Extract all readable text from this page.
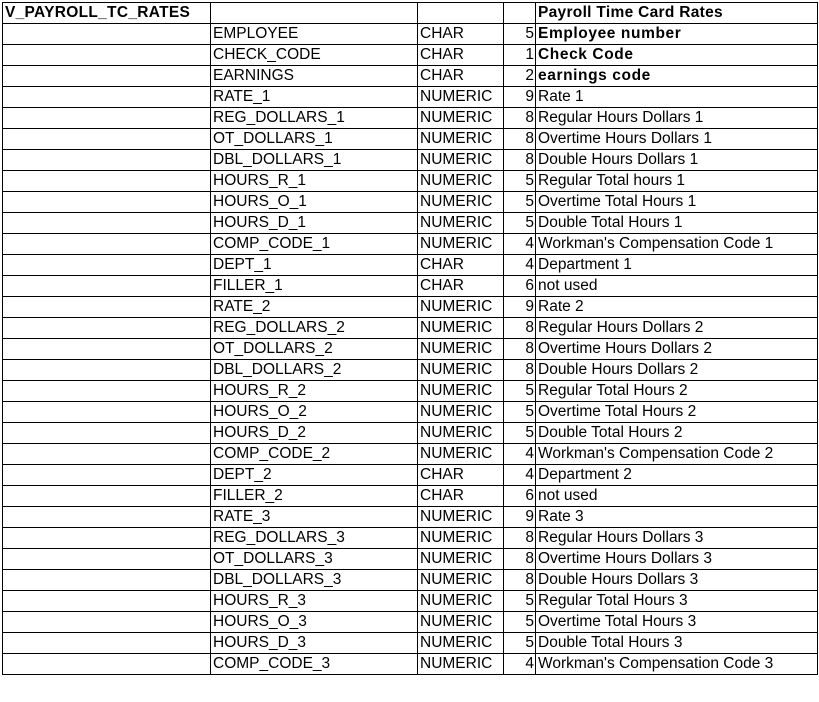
V_PAYROLL_TC_RATES				Payroll Time Card Rates
	EMPLOYEE	CHAR	5	Employee number
	CHECK_CODE	CHAR	1	Check Code
	EARNINGS	CHAR	2	earnings code
	RATE_1	NUMERIC	9	Rate 1
	REG_DOLLARS_1	NUMERIC	8	Regular Hours Dollars 1
	OT_DOLLARS_1	NUMERIC	8	Overtime Hours Dollars 1
	DBL_DOLLARS_1	NUMERIC	8	Double Hours Dollars 1
	HOURS_R_1	NUMERIC	5	Regular Total hours 1
	HOURS_O_1	NUMERIC	5	Overtime Total Hours 1
	HOURS_D_1	NUMERIC	5	Double Total Hours 1
	COMP_CODE_1	NUMERIC	4	Workman's Compensation Code 1
	DEPT_1	CHAR	4	Department 1
	FILLER_1	CHAR	6	not used
	RATE_2	NUMERIC	9	Rate 2
	REG_DOLLARS_2	NUMERIC	8	Regular Hours Dollars 2
	OT_DOLLARS_2	NUMERIC	8	Overtime Hours Dollars 2
	DBL_DOLLARS_2	NUMERIC	8	Double Hours Dollars 2
	HOURS_R_2	NUMERIC	5	Regular Total Hours 2
	HOURS_O_2	NUMERIC	5	Overtime Total Hours 2
	HOURS_D_2	NUMERIC	5	Double Total Hours 2
	COMP_CODE_2	NUMERIC	4	Workman's Compensation Code 2
	DEPT_2	CHAR	4	Department 2
	FILLER_2	CHAR	6	not used
	RATE_3	NUMERIC	9	Rate 3
	REG_DOLLARS_3	NUMERIC	8	Regular Hours Dollars 3
	OT_DOLLARS_3	NUMERIC	8	Overtime Hours Dollars 3
	DBL_DOLLARS_3	NUMERIC	8	Double Hours Dollars 3
	HOURS_R_3	NUMERIC	5	Regular Total Hours 3
	HOURS_O_3	NUMERIC	5	Overtime Total Hours 3
	HOURS_D_3	NUMERIC	5	Double Total Hours 3
	COMP_CODE_3	NUMERIC	4	Workman's Compensation Code 3
